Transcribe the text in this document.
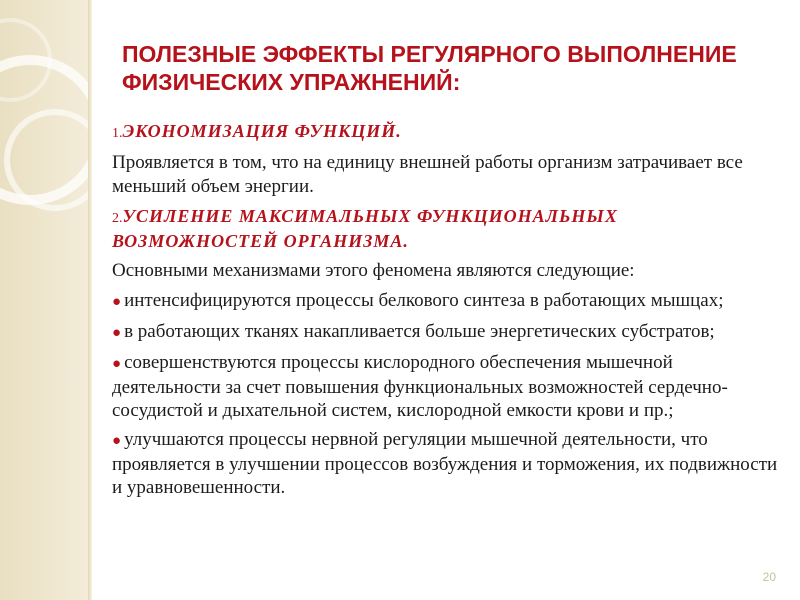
ПОЛЕЗНЫЕ ЭФФЕКТЫ РЕГУЛЯРНОГО ВЫПОЛНЕНИЕ
ФИЗИЧЕСКИХ УПРАЖНЕНИЙ:

1.ЭКОНОМИЗАЦИЯ ФУНКЦИЙ.

Проявляется в том, что на единицу внешней работы организм затрачивает все меньший объем энергии.

2.УСИЛЕНИЕ МАКСИМАЛЬНЫХ ФУНКЦИОНАЛЬНЫХ ВОЗМОЖНОСТЕЙ ОРГАНИЗМА.

Основными механизмами этого феномена являются следующие:

● интенсифицируются процессы белкового синтеза в работающих мышцах;

● в работающих тканях накапливается больше энергетических субстратов;

● совершенствуются процессы кислородного обеспечения мышечной деятельности за счет повышения функциональных возможностей сердечно-сосудистой и дыхательной систем, кислородной емкости крови и пр.;

● улучшаются процессы нервной регуляции мышечной деятельности, что проявляется в улучшении процессов возбуждения и торможения, их подвижности и уравновешенности.

20
